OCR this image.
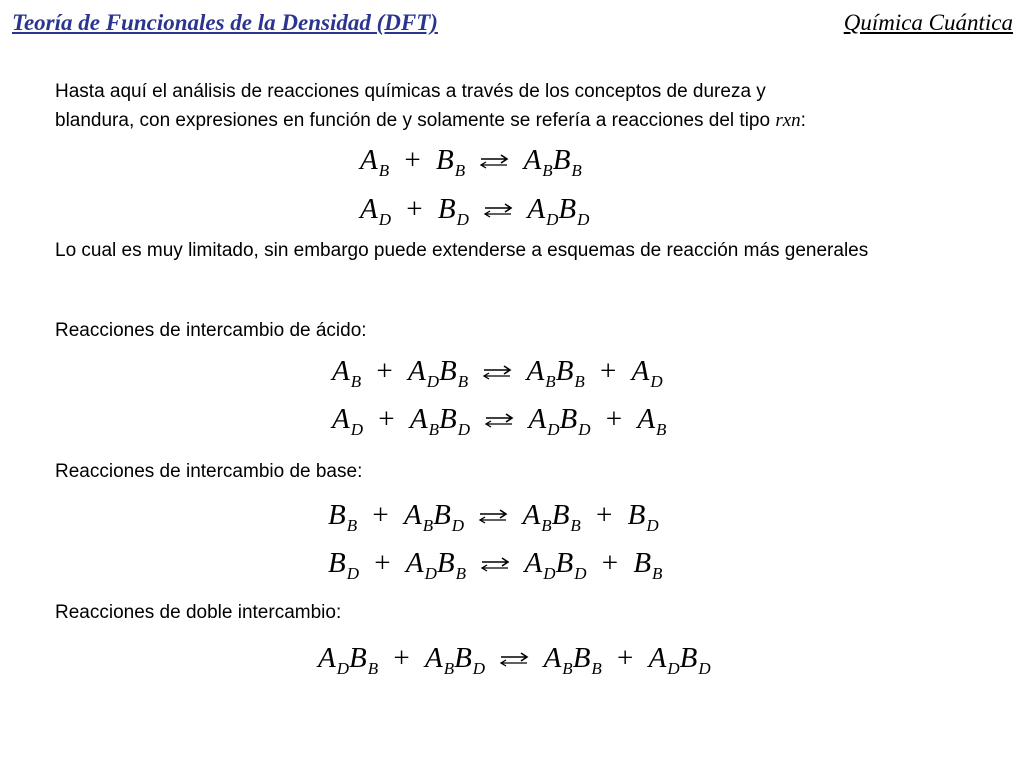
Teoría de Funcionales de la Densidad (DFT)	Química Cuántica
Hasta aquí el análisis de reacciones químicas a través de los conceptos de dureza y
blandura, con expresiones en función de y solamente se refería a reacciones del tipo rxn:
$A_B + B_B$ ⇌ $A_BB_B$
$A_D + B_D$ ⇌ $A_DB_D$
Lo cual es muy limitado, sin embargo puede extenderse a esquemas de reacción más generales
Reacciones de intercambio de ácido:
$A_B + A_DB_B$ ⇌ $A_BB_B + A_D$
$A_D + A_BB_D$ ⇌ $A_DB_D + A_B$
Reacciones de intercambio de base:
$B_B + A_BB_D$ ⇌ $A_BB_B + B_D$
$B_D + A_DB_B$ ⇌ $A_DB_D + B_B$
Reacciones de doble intercambio:
$A_DB_B + A_BB_D$ ⇌ $A_BB_B + A_DB_D$
